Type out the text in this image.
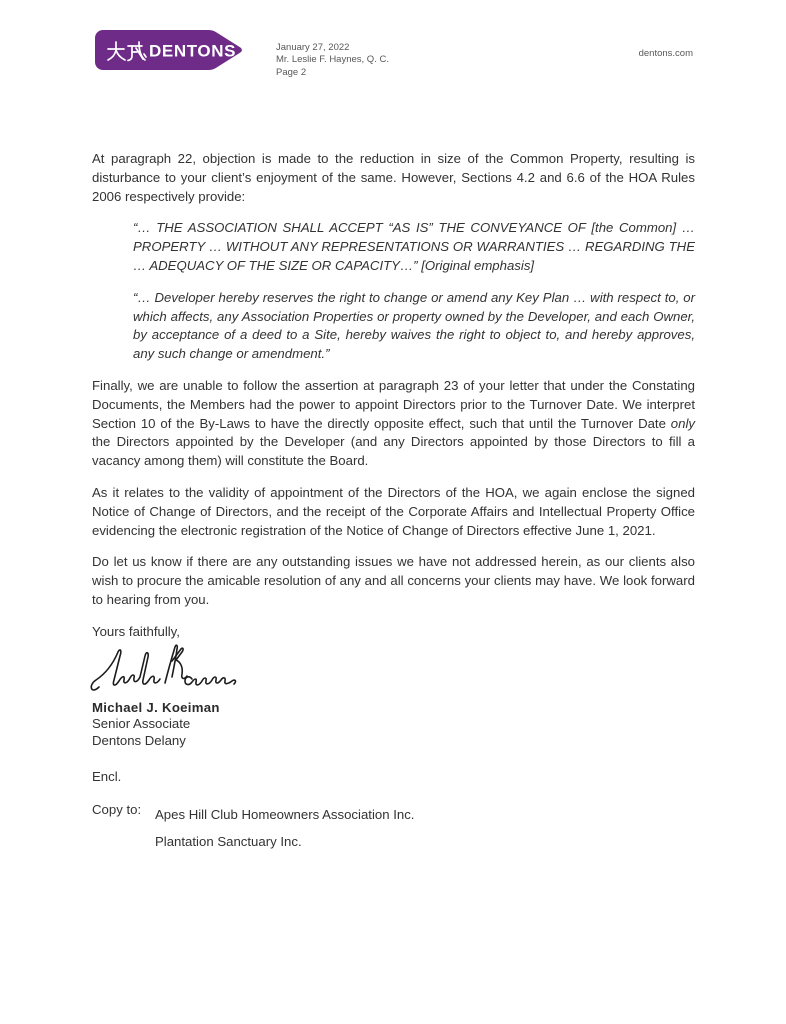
DENTONS	January 27, 2022
Mr. Leslie F. Haynes, Q. C.
Page 2
dentons.com

At paragraph 22, objection is made to the reduction in size of the Common Property, resulting is disturbance to your client’s enjoyment of the same. However, Sections 4.2 and 6.6 of the HOA Rules 2006 respectively provide:

“… THE ASSOCIATION SHALL ACCEPT “AS IS” THE CONVEYANCE OF [the Common] … PROPERTY … WITHOUT ANY REPRESENTATIONS OR WARRANTIES … REGARDING THE … ADEQUACY OF THE SIZE OR CAPACITY…” [Original emphasis]

“… Developer hereby reserves the right to change or amend any Key Plan … with respect to, or which affects, any Association Properties or property owned by the Developer, and each Owner, by acceptance of a deed to a Site, hereby waives the right to object to, and hereby approves, any such change or amendment.”

Finally, we are unable to follow the assertion at paragraph 23 of your letter that under the Constating Documents, the Members had the power to appoint Directors prior to the Turnover Date. We interpret Section 10 of the By-Laws to have the directly opposite effect, such that until the Turnover Date only the Directors appointed by the Developer (and any Directors appointed by those Directors to fill a vacancy among them) will constitute the Board.

As it relates to the validity of appointment of the Directors of the HOA, we again enclose the signed Notice of Change of Directors, and the receipt of the Corporate Affairs and Intellectual Property Office evidencing the electronic registration of the Notice of Change of Directors effective June 1, 2021.

Do let us know if there are any outstanding issues we have not addressed herein, as our clients also wish to procure the amicable resolution of any and all concerns your clients may have. We look forward to hearing from you.

Yours faithfully,

Michael J. Koeiman
Senior Associate
Dentons Delany

Encl.

Copy to:	Apes Hill Club Homeowners Association Inc.
Plantation Sanctuary Inc.
